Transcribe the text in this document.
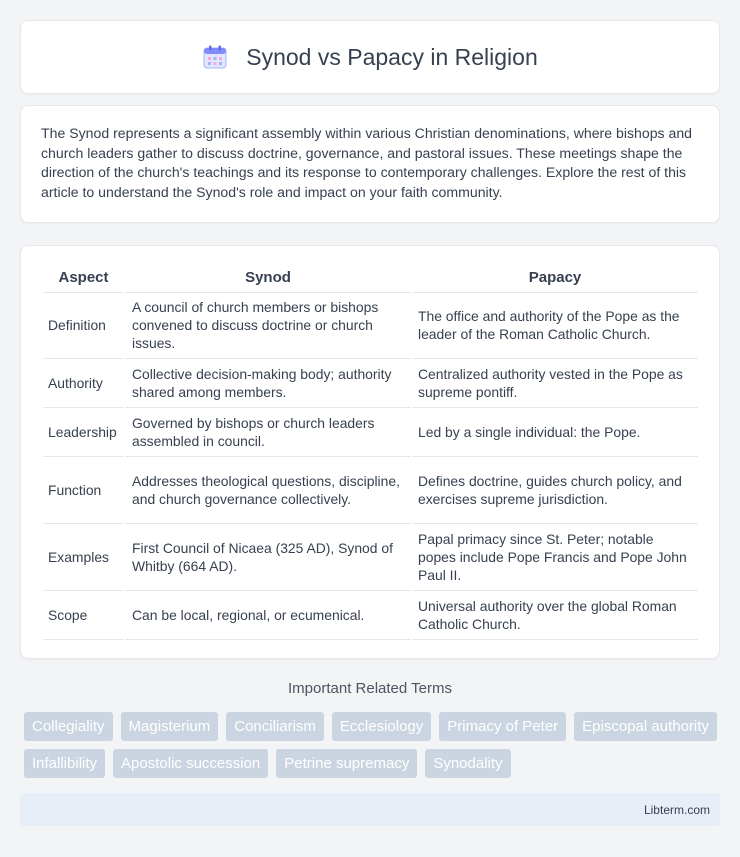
Synod vs Papacy in Religion

The Synod represents a significant assembly within various Christian denominations, where bishops and church leaders gather to discuss doctrine, governance, and pastoral issues. These meetings shape the direction of the church's teachings and its response to contemporary challenges. Explore the rest of this article to understand the Synod's role and impact on your faith community.

Aspect	Synod	Papacy
Definition	A council of church members or bishops convened to discuss doctrine or church issues.	The office and authority of the Pope as the leader of the Roman Catholic Church.
Authority	Collective decision-making body; authority shared among members.	Centralized authority vested in the Pope as supreme pontiff.
Leadership	Governed by bishops or church leaders assembled in council.	Led by a single individual: the Pope.
Function	Addresses theological questions, discipline, and church governance collectively.	Defines doctrine, guides church policy, and exercises supreme jurisdiction.
Examples	First Council of Nicaea (325 AD), Synod of Whitby (664 AD).	Papal primacy since St. Peter; notable popes include Pope Francis and Pope John Paul II.
Scope	Can be local, regional, or ecumenical.	Universal authority over the global Roman Catholic Church.
Important Related Terms
Collegiality	Magisterium	Conciliarism	Ecclesiology	Primacy of Peter	Episcopal authority
Infallibility	Apostolic succession	Petrine supremacy	Synodality
Libterm.com
